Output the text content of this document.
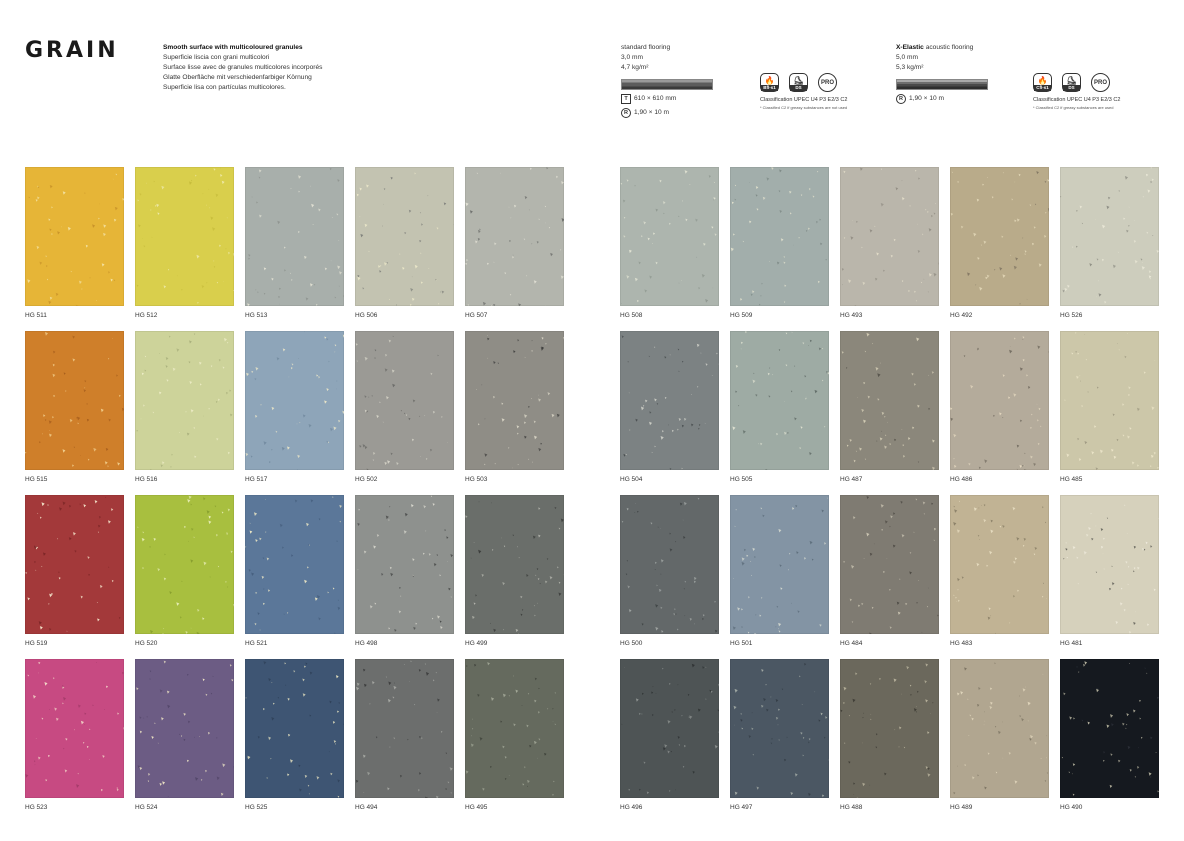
GRAIN	Smooth surface with multicoloured granules
Superficie liscia con grani multicolori
Surface lisse avec de granules multicolores incorporés
Glatte Oberfläche mit verschiedenfarbiger Körnung
Superficie lisa con partículas multicolores.
standard flooring
3,0 mm
4,7 kg/m²
T 610 × 610 mm
R 1,90 × 10 m
🔥
Bfl-s1
⛸
DS
PRO
Classification UPEC U4 P3 E2/3 C2
* Classified C2 if greasy substances are not used
X-Elastic acoustic flooring
5,0 mm
5,3 kg/m²
R 1,90 × 10 m
🔥
Cfl-s1
⛸
DS
PRO
Classification UPEC U4 P3 E2/3 C2
* Classified C2 if greasy substances are used
HG 511	HG 512	HG 513	HG 506	HG 507
HG 515	HG 516	HG 517	HG 502	HG 503
HG 519	HG 520	HG 521	HG 498	HG 499
HG 523	HG 524	HG 525	HG 494	HG 495
HG 508	HG 509	HG 493	HG 492	HG 526
HG 504	HG 505	HG 487	HG 486	HG 485
HG 500	HG 501	HG 484	HG 483	HG 481
HG 496	HG 497	HG 488	HG 489	HG 490
